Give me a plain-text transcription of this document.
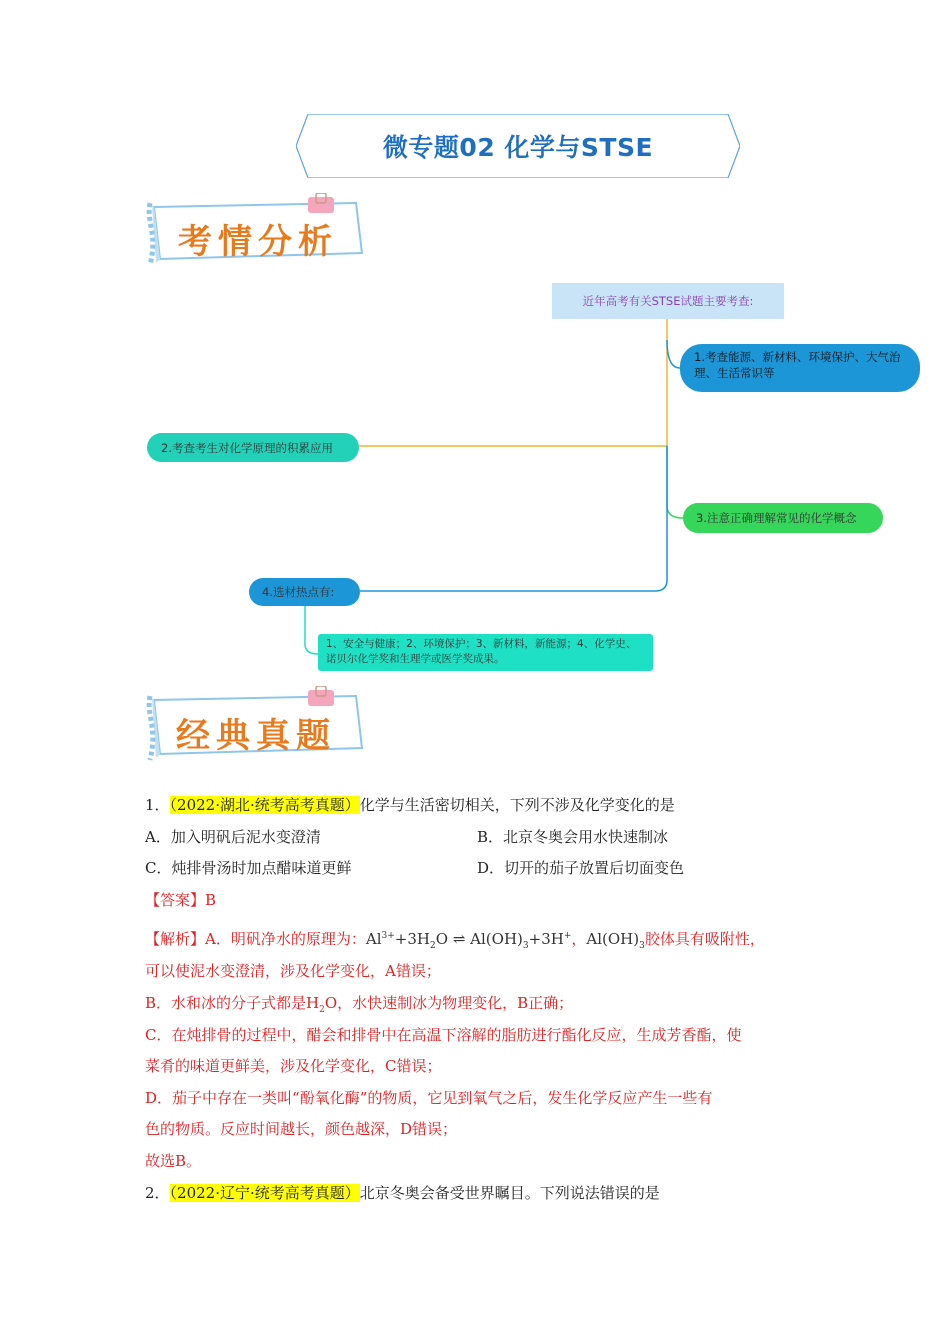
微专题02 化学与STSE
考情分析
近年高考有关STSE试题主要考查:
1.考查能源、新材料、环境保护、大气治理、生活常识等
2.考查考生对化学原理的积累应用
3.注意正确理解常见的化学概念
4.选材热点有:
1、安全与健康；2、环境保护；3、新材料，新能源；4、化学史、诺贝尔化学奖和生理学或医学奖成果。
经典真题
1．（2022·湖北·统考高考真题）化学与生活密切相关，下列不涉及化学变化的是
A．加入明矾后泥水变澄清	B．北京冬奥会用水快速制冰
C．炖排骨汤时加点醋味道更鲜	D．切开的茄子放置后切面变色
【答案】B
【解析】A．明矾净水的原理为：$Al^{3+}+3H_2O$ ⇌ $Al(OH)_3+3H^+$，$Al(OH)_3$胶体具有吸附性，
可以使泥水变澄清，涉及化学变化，A错误；
B．水和冰的分子式都是$H_2O$，水快速制冰为物理变化，B正确；
C．在炖排骨的过程中，醋会和排骨中在高温下溶解的脂肪进行酯化反应，生成芳香酯，使
菜肴的味道更鲜美，涉及化学变化，C错误；
D．茄子中存在一类叫“酚氧化酶”的物质，它见到氧气之后，发生化学反应产生一些有
色的物质。反应时间越长，颜色越深，D错误；
故选B。
2．（2022·辽宁·统考高考真题）北京冬奥会备受世界瞩目。下列说法错误的是
